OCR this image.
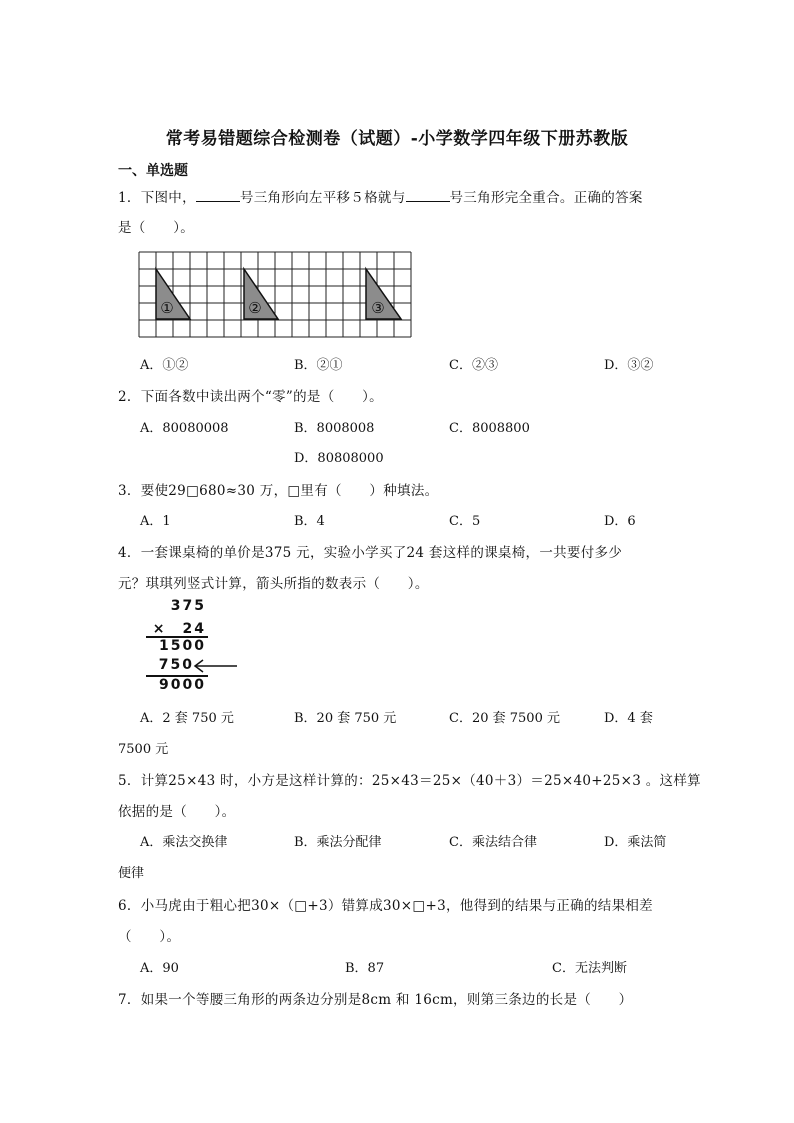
常考易错题综合检测卷（试题）-小学数学四年级下册苏教版
一、单选题
1．下图中，	号三角形向左平移５格就与	号三角形完全重合。正确的答案
是（　　）。
①	②	③
A．①②	B．②①	C．②③	D．③②
2．下面各数中读出两个“零”的是（　　）。
A．80080008	B．8008008	C．8008800
D．80808000
3．要使29□680≈30 万，□里有（　　）种填法。
A．1	B．4	C．5	D．6
4．一套课桌椅的单价是375 元，实验小学买了24 套这样的课桌椅，一共要付多少
元？琪琪列竖式计算，箭头所指的数表示（　　）。
375
×　24
1500
750
9000
A．2 套 750 元	B．20 套 750 元	C．20 套 7500 元	D．4 套
7500 元
5．计算25×43 时，小方是这样计算的：25×43＝25×（40＋3）＝25×40+25×3 。这样算
依据的是（　　）。
A．乘法交换律	B．乘法分配律	C．乘法结合律	D．乘法简
便律
6．小马虎由于粗心把30×（□+3）错算成30×□+3，他得到的结果与正确的结果相差
（　　）。
A．90	B．87	C．无法判断
7．如果一个等腰三角形的两条边分别是8cm 和 16cm，则第三条边的长是（　　）
